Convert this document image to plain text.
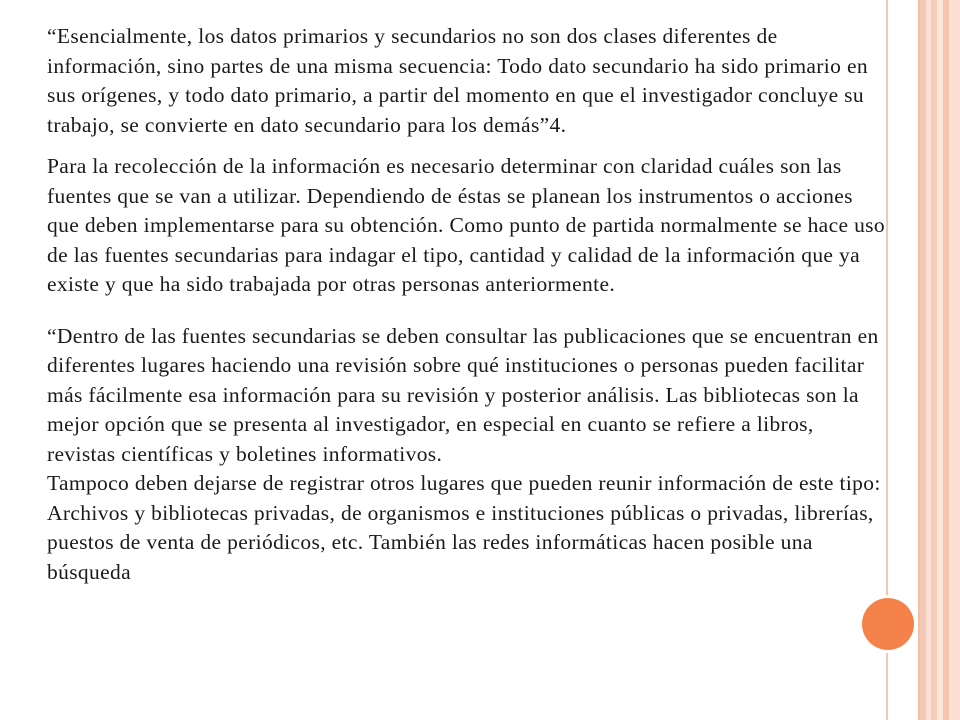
“Esencialmente, los datos primarios y secundarios no son dos clases diferentes de información, sino partes de una misma secuencia: Todo dato secundario ha sido primario en sus orígenes, y todo dato primario, a partir del momento en que el investigador concluye su trabajo, se convierte en dato secundario para los demás”4.

Para la recolección de la información es necesario determinar con claridad cuáles son las fuentes que se van a utilizar. Dependiendo de éstas se planean los instrumentos o acciones que deben implementarse para su obtención. Como punto de partida normalmente se hace uso de las fuentes secundarias para indagar el tipo, cantidad y calidad de la información que ya existe y que ha sido trabajada por otras personas anteriormente.

“Dentro de las fuentes secundarias se deben consultar las publicaciones que se encuentran en diferentes lugares haciendo una revisión sobre qué instituciones o personas pueden facilitar más fácilmente esa información para su revisión y posterior análisis. Las bibliotecas son la mejor opción que se presenta al investigador, en especial en cuanto se refiere a libros, revistas científicas y boletines informativos.

Tampoco deben dejarse de registrar otros lugares que pueden reunir información de este tipo: Archivos y bibliotecas privadas, de organismos e instituciones públicas o privadas, librerías, puestos de venta de periódicos, etc. También las redes informáticas hacen posible una búsqueda
